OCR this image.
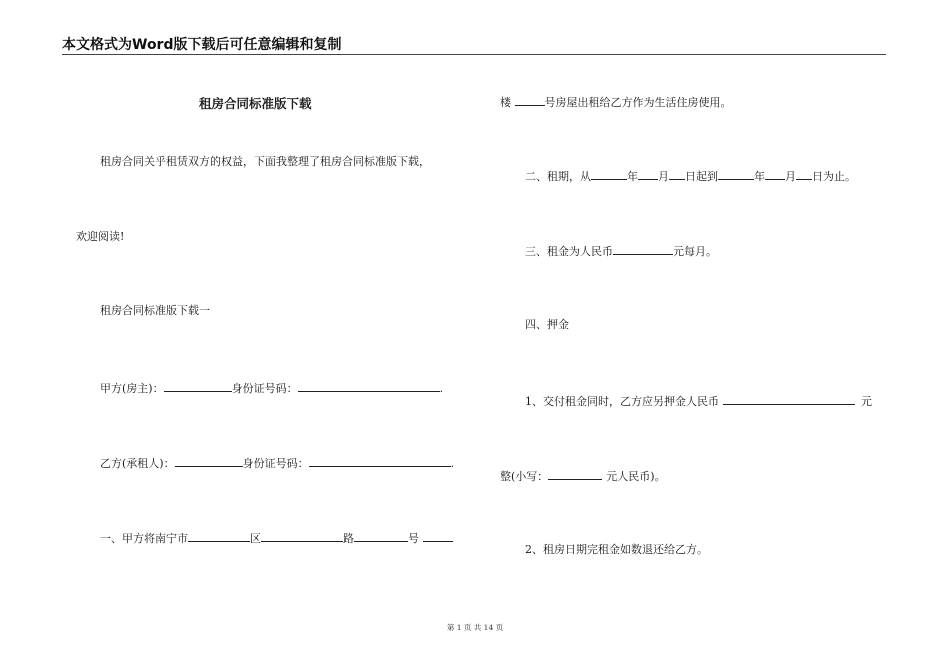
本文格式为Word版下载后可任意编辑和复制
租房合同标准版下载
租房合同关乎租赁双方的权益，下面我整理了租房合同标准版下载，
欢迎阅读!
租房合同标准版下载一
甲方(房主)：	身份证号码：	.
乙方(承租人)：	身份证号码：	.
一、甲方将南宁市	区	路	号
楼	号房屋出租给乙方作为生活住房使用。
二、租期，从	年 月 日起到	年 月 日为止。
三、租金为人民币	元每月。
四、押金
1、交付租金同时，乙方应另押金人民币	元
整(小写：	元人民币)。
2、租房日期完租金如数退还给乙方。
第 1 页 共 14 页
